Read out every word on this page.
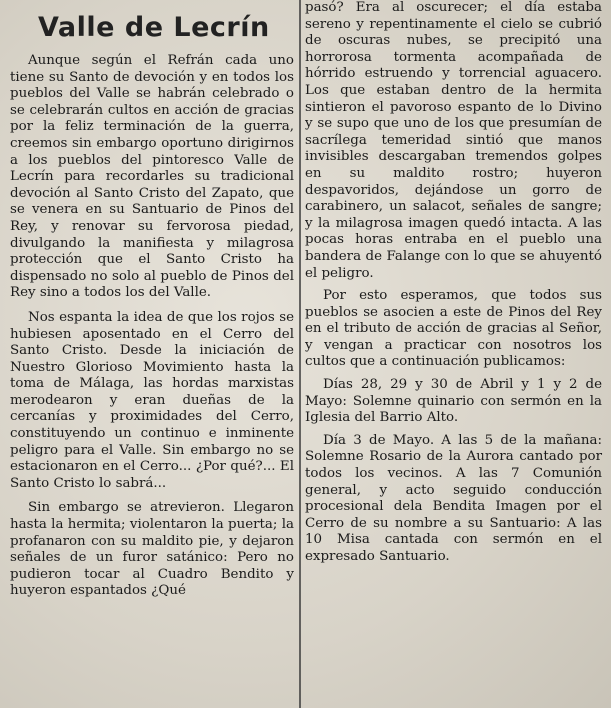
Valle de Lecrín

Aunque según el Refrán cada uno tiene su Santo de devoción y en todos los pueblos del Valle se habrán celebrado o se celebrarán cultos en acción de gracias por la feliz terminación de la guerra, creemos sin embargo oportuno dirigirnos a los pueblos del pintoresco Valle de Lecrín para recordarles su tradicional devoción al Santo Cristo del Zapato, que se venera en su Santuario de Pinos del Rey, y renovar su fervorosa piedad, divulgando la manifiesta y milagrosa protección que el Santo Cristo ha dispensado no solo al pueblo de Pinos del Rey sino a todos los del Valle.

Nos espanta la idea de que los rojos se hubiesen aposentado en el Cerro del Santo Cristo. Desde la iniciación de Nuestro Glorioso Movimiento hasta la toma de Málaga, las hordas marxistas merodearon y eran dueñas de la cercanías y proximidades del Cerro, constituyendo un continuo e inminente peligro para el Valle. Sin embargo no se estacionaron en el Cerro... ¿Por qué?... El Santo Cristo lo sabrá...

Sin embargo se atrevieron. Llegaron hasta la hermita; violentaron la puerta; la profanaron con su maldito pie, y dejaron señales de un furor satánico: Pero no pudieron tocar al Cuadro Bendito y huyeron espantados ¿Qué

pasó? Era al oscurecer; el día estaba sereno y repentinamente el cielo se cubrió de oscuras nubes, se precipitó una horrorosa tormenta acompañada de hórrido estruendo y torrencial aguacero. Los que estaban dentro de la hermita sintieron el pavoroso espanto de lo Divino y se supo que uno de los que presumían de sacrílega temeridad sintió que manos invisibles descargaban tremendos golpes en su maldito rostro; huyeron despavoridos, dejándose un gorro de carabinero, un salacot, señales de sangre; y la milagrosa imagen quedó intacta. A las pocas horas entraba en el pueblo una bandera de Falange con lo que se ahuyentó el peligro.

Por esto esperamos, que todos sus pueblos se asocien a este de Pinos del Rey en el tributo de acción de gracias al Señor, y vengan a practicar con nosotros los cultos que a continuación publicamos:

Días 28, 29 y 30 de Abril y 1 y 2 de Mayo: Solemne quinario con sermón en la Iglesia del Barrio Alto.

Día 3 de Mayo. A las 5 de la mañana: Solemne Rosario de la Aurora cantado por todos los vecinos. A las 7 Comunión general, y acto seguido conducción procesional dela Bendita Imagen por el Cerro de su nombre a su Santuario: A las 10 Misa cantada con sermón en el expresado Santuario.
